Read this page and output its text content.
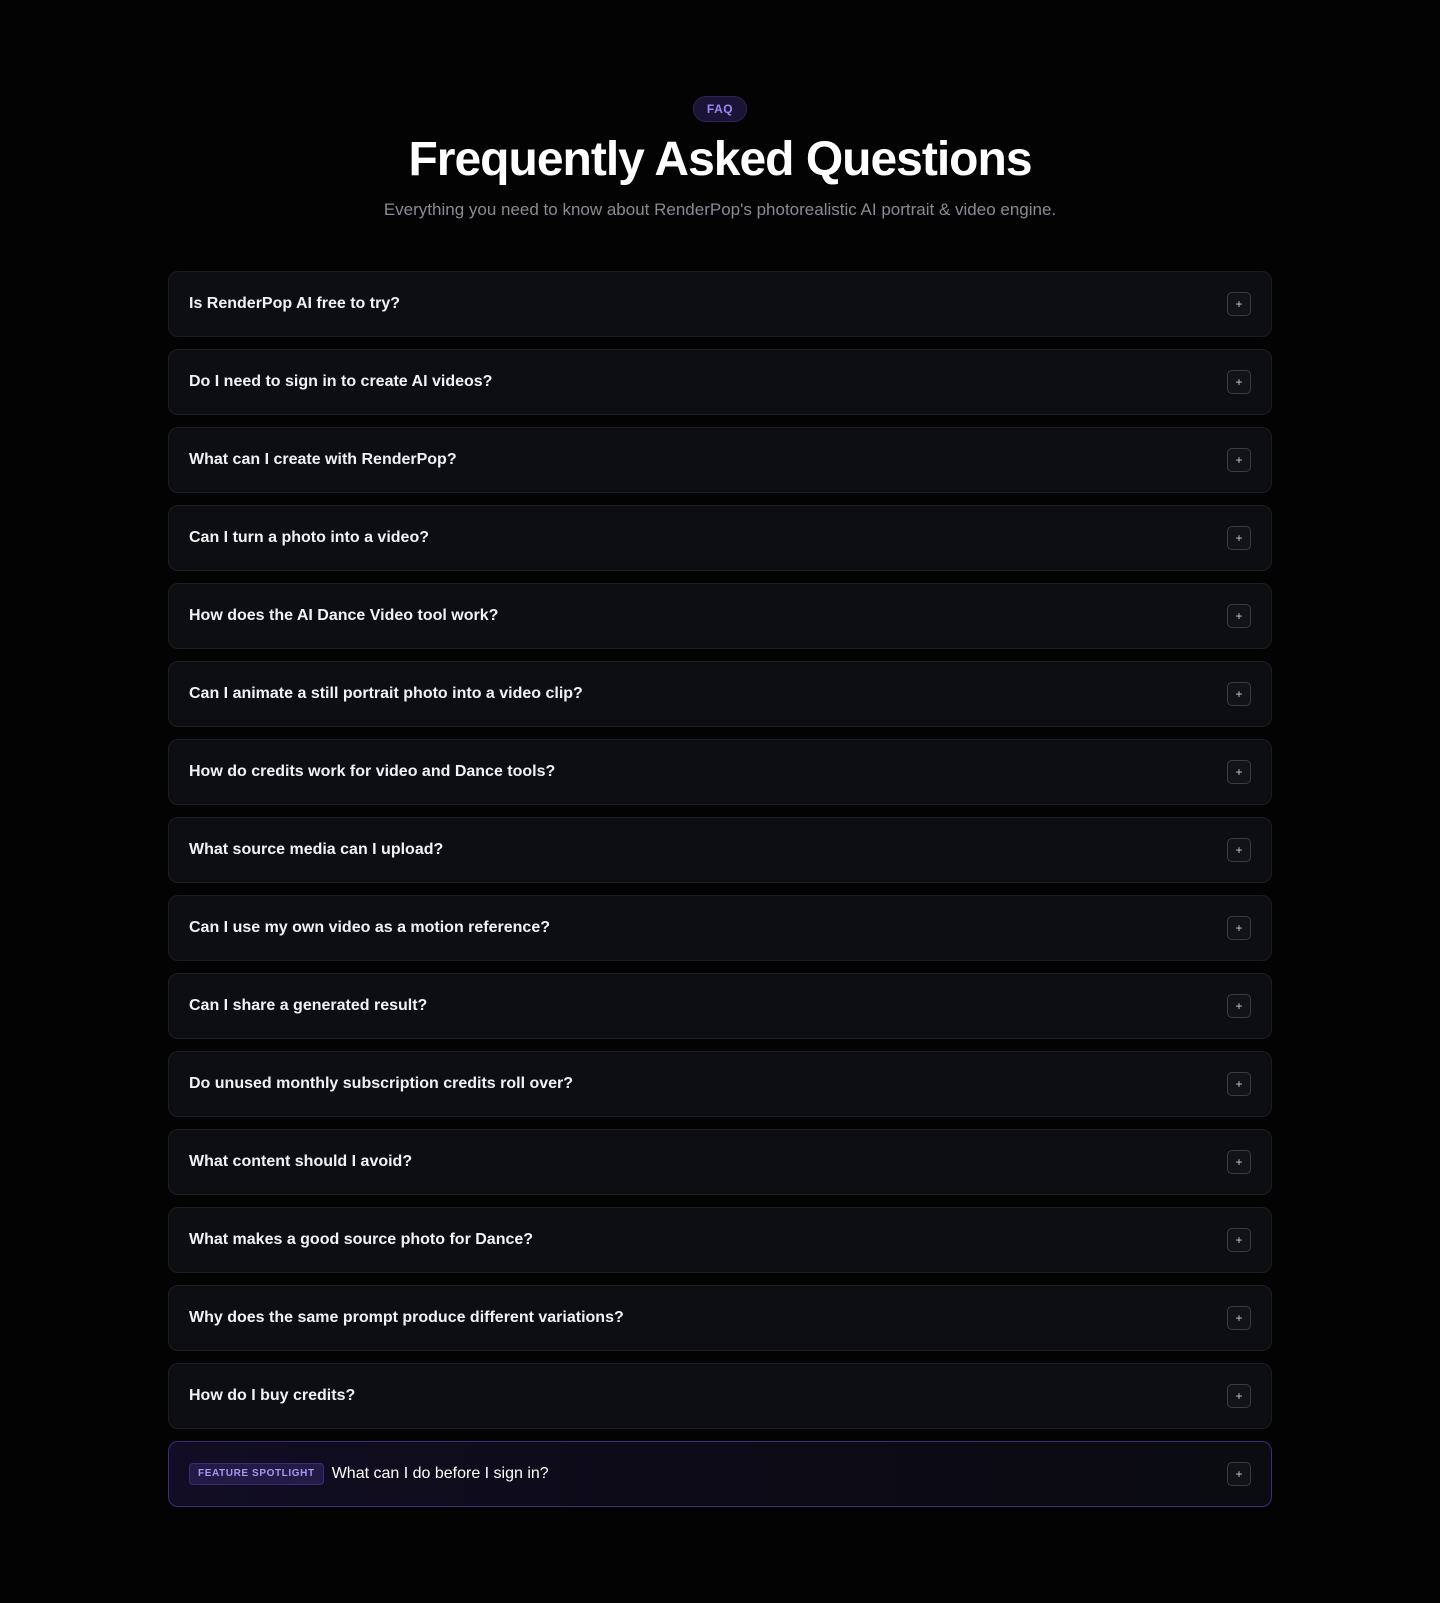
FAQ
Frequently Asked Questions

Everything you need to know about RenderPop's photorealistic AI portrait & video engine.

Is RenderPop AI free to try?	+
Do I need to sign in to create AI videos?	+
What can I create with RenderPop?	+
Can I turn a photo into a video?	+
How does the AI Dance Video tool work?	+
Can I animate a still portrait photo into a video clip?	+
How do credits work for video and Dance tools?	+
What source media can I upload?	+
Can I use my own video as a motion reference?	+
Can I share a generated result?	+
Do unused monthly subscription credits roll over?	+
What content should I avoid?	+
What makes a good source photo for Dance?	+
Why does the same prompt produce different variations?	+
How do I buy credits?	+
FEATURE SPOTLIGHT	What can I do before I sign in?	+
